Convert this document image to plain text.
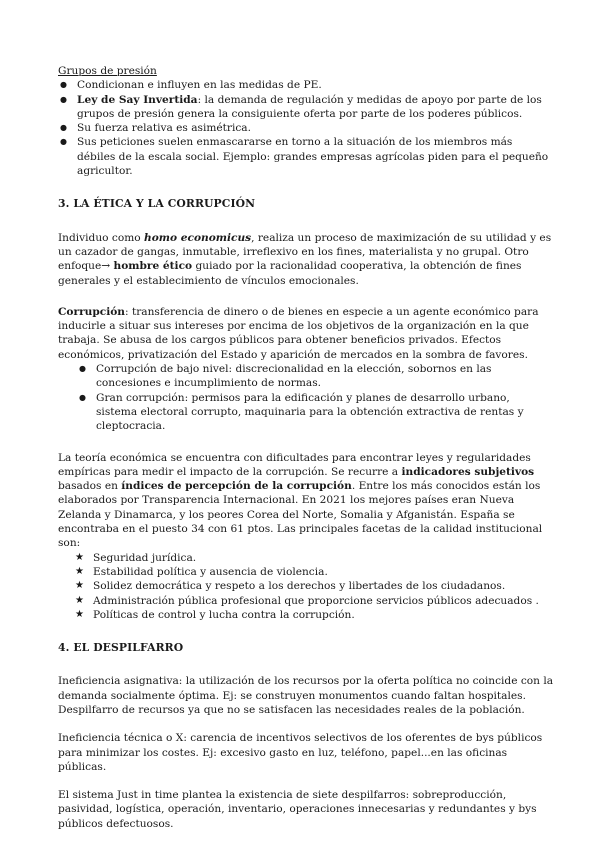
Grupos de presión

● Condicionan e influyen en las medidas de PE.
● Ley de Say Invertida: la demanda de regulación y medidas de apoyo por parte de los grupos de presión genera la consiguiente oferta por parte de los poderes públicos.
● Su fuerza relativa es asimétrica.
● Sus peticiones suelen enmascararse en torno a la situación de los miembros más débiles de la escala social. Ejemplo: grandes empresas agrícolas piden para el pequeño agricultor.

3. LA ÉTICA Y LA CORRUPCIÓN

Individuo como homo economicus, realiza un proceso de maximización de su utilidad y es un cazador de gangas, inmutable, irreflexivo en los fines, materialista y no grupal. Otro enfoque→ hombre ético guiado por la racionalidad cooperativa, la obtención de fines generales y el establecimiento de vínculos emocionales.

Corrupción: transferencia de dinero o de bienes en especie a un agente económico para inducirle a situar sus intereses por encima de los objetivos de la organización en la que trabaja. Se abusa de los cargos públicos para obtener beneficios privados. Efectos económicos, privatización del Estado y aparición de mercados en la sombra de favores.

● Corrupción de bajo nivel: discrecionalidad en la elección, sobornos en las concesiones e incumplimiento de normas.
● Gran corrupción: permisos para la edificación y planes de desarrollo urbano, sistema electoral corrupto, maquinaria para la obtención extractiva de rentas y cleptocracia.

La teoría económica se encuentra con dificultades para encontrar leyes y regularidades empíricas para medir el impacto de la corrupción. Se recurre a indicadores subjetivos basados en índices de percepción de la corrupción. Entre los más conocidos están los elaborados por Transparencia Internacional. En 2021 los mejores países eran Nueva Zelanda y Dinamarca, y los peores Corea del Norte, Somalia y Afganistán. España se encontraba en el puesto 34 con 61 ptos. Las principales facetas de la calidad institucional son:

★ Seguridad jurídica.
★ Estabilidad política y ausencia de violencia.
★ Solidez democrática y respeto a los derechos y libertades de los ciudadanos.
★ Administración pública profesional que proporcione servicios públicos adecuados .
★ Políticas de control y lucha contra la corrupción.

4. EL DESPILFARRO

Ineficiencia asignativa: la utilización de los recursos por la oferta política no coincide con la demanda socialmente óptima. Ej: se construyen monumentos cuando faltan hospitales. Despilfarro de recursos ya que no se satisfacen las necesidades reales de la población.

Ineficiencia técnica o X: carencia de incentivos selectivos de los oferentes de bys públicos para minimizar los costes. Ej: excesivo gasto en luz, teléfono, papel...en las oficinas públicas.

El sistema Just in time plantea la existencia de siete despilfarros: sobreproducción, pasividad, logística, operación, inventario, operaciones innecesarias y redundantes y bys públicos defectuosos.
